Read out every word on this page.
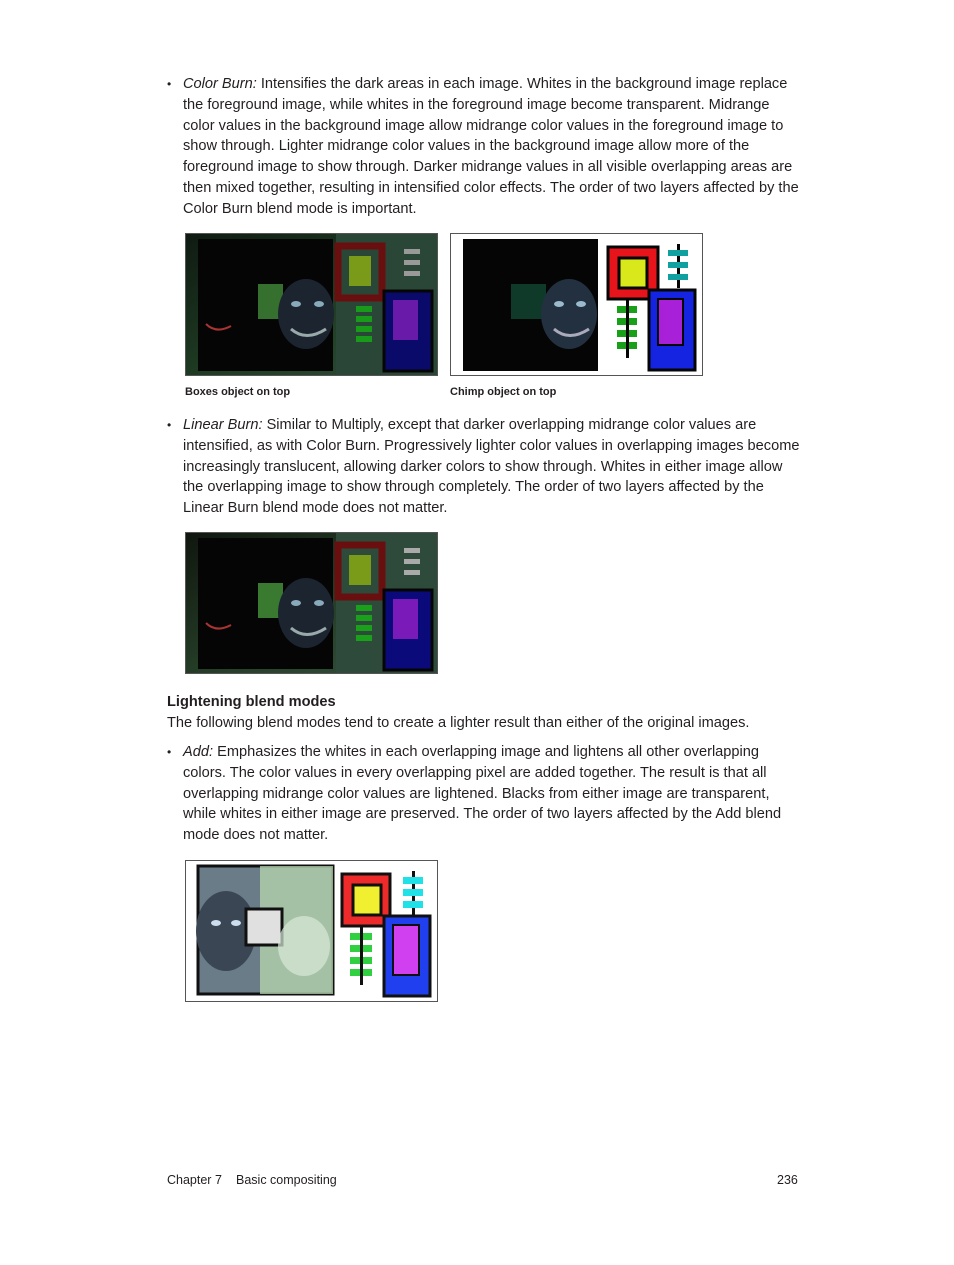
• Color Burn: Intensifies the dark areas in each image. Whites in the background image replace the foreground image, while whites in the foreground image become transparent. Midrange color values in the background image allow midrange color values in the foreground image to show through. Lighter midrange color values in the background image allow more of the foreground image to show through. Darker midrange values in all visible overlapping areas are then mixed together, resulting in intensified color effects. The order of two layers affected by the Color Burn blend mode is important.

Boxes object on top	Chimp object on top

• Linear Burn: Similar to Multiply, except that darker overlapping midrange color values are intensified, as with Color Burn. Progressively lighter color values in overlapping images become increasingly translucent, allowing darker colors to show through. Whites in either image allow the overlapping image to show through completely. The order of two layers affected by the Linear Burn blend mode does not matter.

Lightening blend modes

The following blend modes tend to create a lighter result than either of the original images.

• Add: Emphasizes the whites in each overlapping image and lightens all other overlapping colors. The color values in every overlapping pixel are added together. The result is that all overlapping midrange color values are lightened. Blacks from either image are transparent, while whites in either image are preserved. The order of two layers affected by the Add blend mode does not matter.

Chapter 7 Basic compositing	236
